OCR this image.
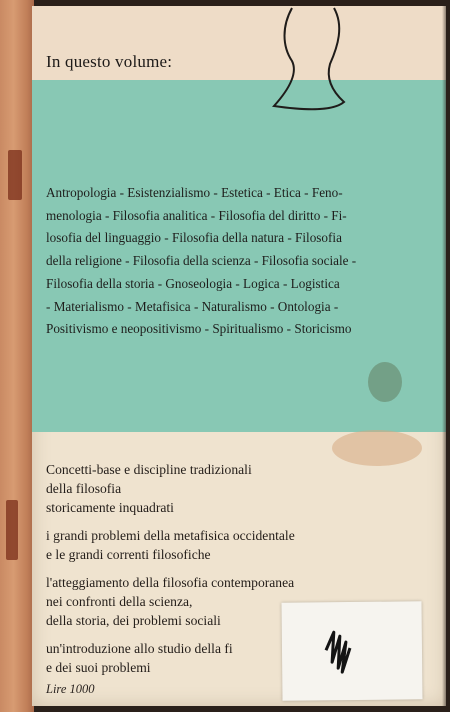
In questo volume:
Antropologia - Esistenzialismo - Estetica - Etica - Feno-
menologia - Filosofia analitica - Filosofia del diritto - Fi-
losofia del linguaggio - Filosofia della natura - Filosofia
della religione - Filosofia della scienza - Filosofia sociale -
Filosofia della storia - Gnoseologia - Logica - Logistica
- Materialismo - Metafisica - Naturalismo - Ontologia -
Positivismo e neopositivismo - Spiritualismo - Storicismo
Concetti-base e discipline tradizionali
della filosofia
storicamente inquadrati
i grandi problemi della metafisica occidentale
e le grandi correnti filosofiche
l'atteggiamento della filosofia contemporanea
nei confronti della scienza,
della storia, dei problemi sociali
un'introduzione allo studio della fi
e dei suoi problemi
Lire 1000
